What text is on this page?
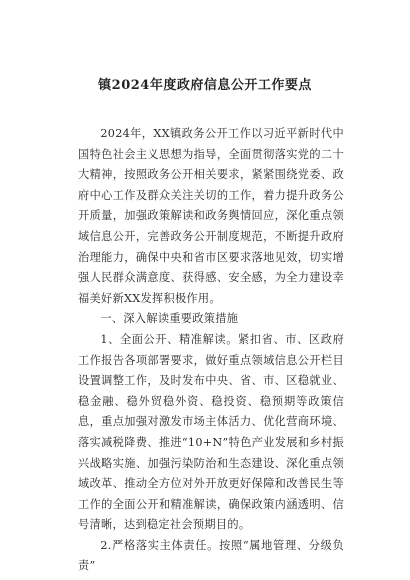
镇2024年度政府信息公开工作要点

2024年，XX镇政务公开工作以习近平新时代中国特色社会主义思想为指导，全面贯彻落实党的二十大精神，按照政务公开相关要求，紧紧围绕党委、政府中心工作及群众关注关切的工作，着力提升政务公开质量，加强政策解读和政务舆情回应，深化重点领域信息公开，完善政务公开制度规范，不断提升政府治理能力，确保中央和省市区要求落地见效，切实增强人民群众满意度、获得感、安全感，为全力建设幸福美好新XX发挥积极作用。

一、深入解读重要政策措施

1、全面公开、精准解读。紧扣省、市、区政府工作报告各项部署要求，做好重点领域信息公开栏目设置调整工作，及时发布中央、省、市、区稳就业、稳金融、稳外贸稳外资、稳投资、稳预期等政策信息，重点加强对激发市场主体活力、优化营商环境、落实减税降费、推进“10+N”特色产业发展和乡村振兴战略实施、加强污染防治和生态建设、深化重点领域改革、推动全方位对外开放更好保障和改善民生等工作的全面公开和精准解读，确保政策内涵透明、信号清晰，达到稳定社会预期目的。

2.严格落实主体责任。按照“属地管理、分级负责”
